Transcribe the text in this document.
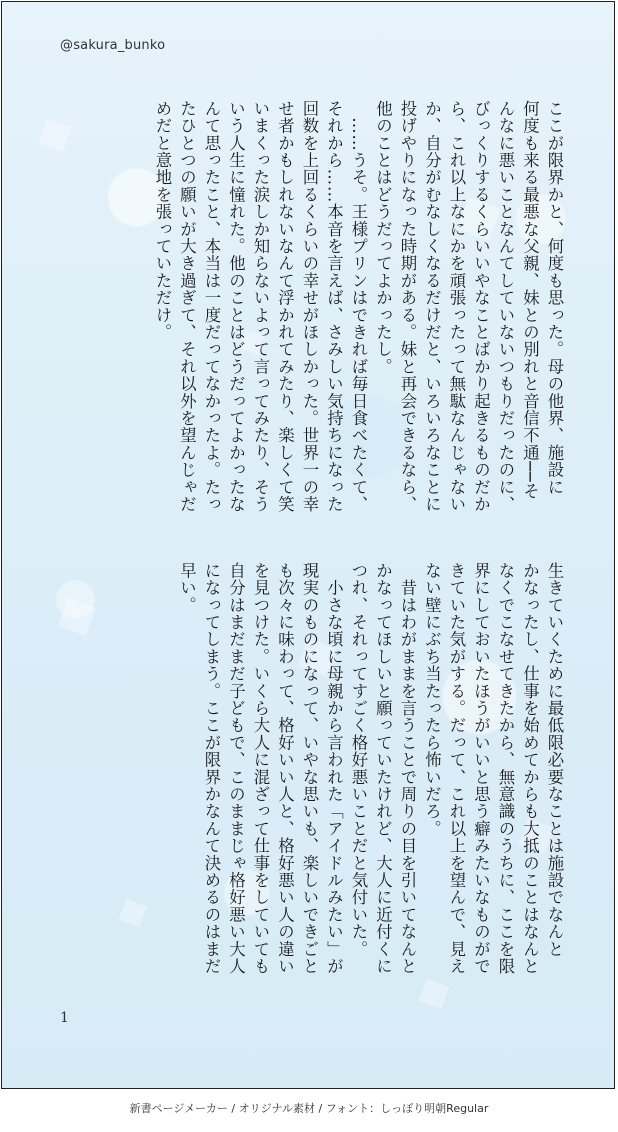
@sakura_bunko
ここが限界かと、何度も思った。母の他界、施設に
何度も来る最悪な父親、妹との別れと音信不通──そ
んなに悪いことなんてしていないつもりだったのに、
びっくりするくらいいやなことばかり起きるものだか
ら、これ以上なにかを頑張ったって無駄なんじゃない
か、自分がむなしくなるだけだと、いろいろなことに
投げやりになった時期がある。妹と再会できるなら、
他のことはどうだってよかったし。
　……うそ。王様プリンはできれば毎日食べたくて、
それから……本音を言えば、さみしい気持ちになった
回数を上回るくらいの幸せがほしかった。世界一の幸
せ者かもしれないなんて浮かれてみたり、楽しくて笑
いまくった涙しか知らないよって言ってみたり、そう
いう人生に憧れた。他のことはどうだってよかったな
んて思ったこと、本当は一度だってなかったよ。たっ
たひとつの願いが大き過ぎて、それ以外を望んじゃだ
めだと意地を張っていただけ。
生きていくために最低限必要なことは施設でなんと
かなったし、仕事を始めてからも大抵のことはなんと
なくでこなせてきたから、無意識のうちに、ここを限
界にしておいたほうがいいと思う癖みたいなものがで
きていた気がする。だって、これ以上を望んで、見え
ない壁にぶち当たったら怖いだろ。
　昔はわがままを言うことで周りの目を引いてなんと
かなってほしいと願っていたけれど、大人に近付くに
つれ、それってすごく格好悪いことだと気付いた。
　小さな頃に母親から言われた「アイドルみたい」が
現実のものになって、いやな思いも、楽しいできごと
も次々に味わって、格好いい人と、格好悪い人の違い
を見つけた。いくら大人に混ざって仕事をしていても
自分はまだまだ子どもで、このままじゃ格好悪い大人
になってしまう。ここが限界かなんて決めるのはまだ
早い。
1
新書ページメーカー / オリジナル素材 / フォント：しっぽり明朝Regular
